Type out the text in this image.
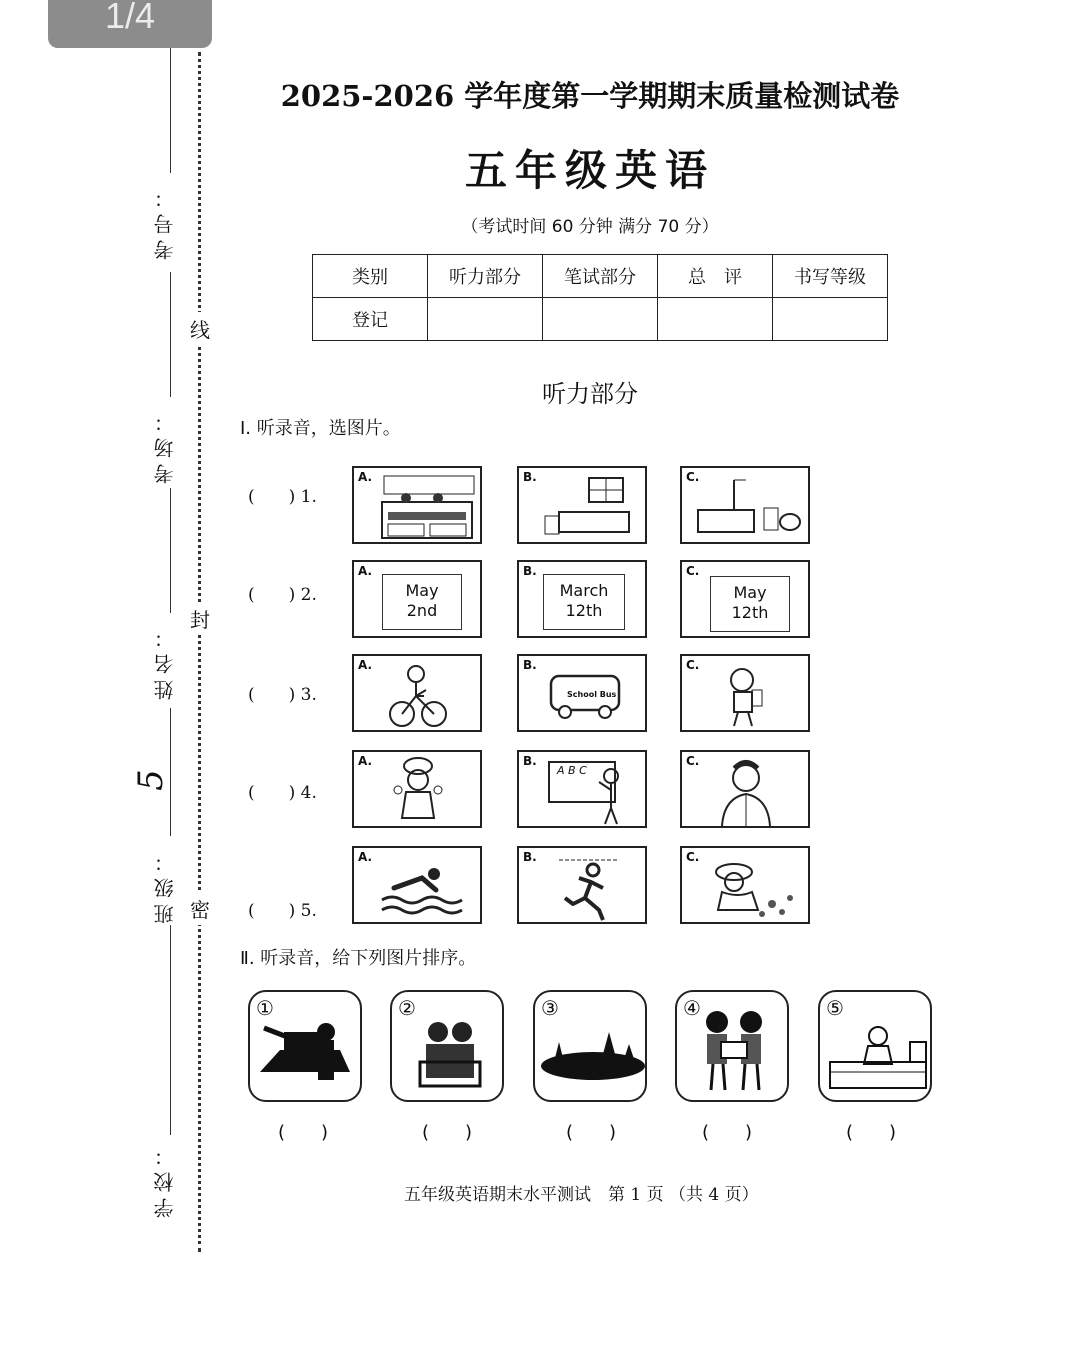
1/4
线
封
密
考号：
考场：
姓名：
5
班级：
学校：
2025-2026 学年度第一学期期末质量检测试卷
五年级英语
（考试时间 60 分钟 满分 70 分）
类别	听力部分	笔试部分	总　评	书写等级
登记				
听力部分
Ⅰ. 听录音，选图片。
(　　) 1.
(　　) 2.
(　　) 3.
(　　) 4.
(　　) 5.
A.	B.	C.
A.
May
2nd
B.
March
12th
C.
May
12th
A.	B.
School Bus
C.
A.	B.
A B C
C.
A.	B.	C.
Ⅱ. 听录音，给下列图片排序。
①	②	③	④	⑤
(　　)	(　　)	(　　)	(　　)	(　　)
五年级英语期末水平测试　第 1 页 （共 4 页）
